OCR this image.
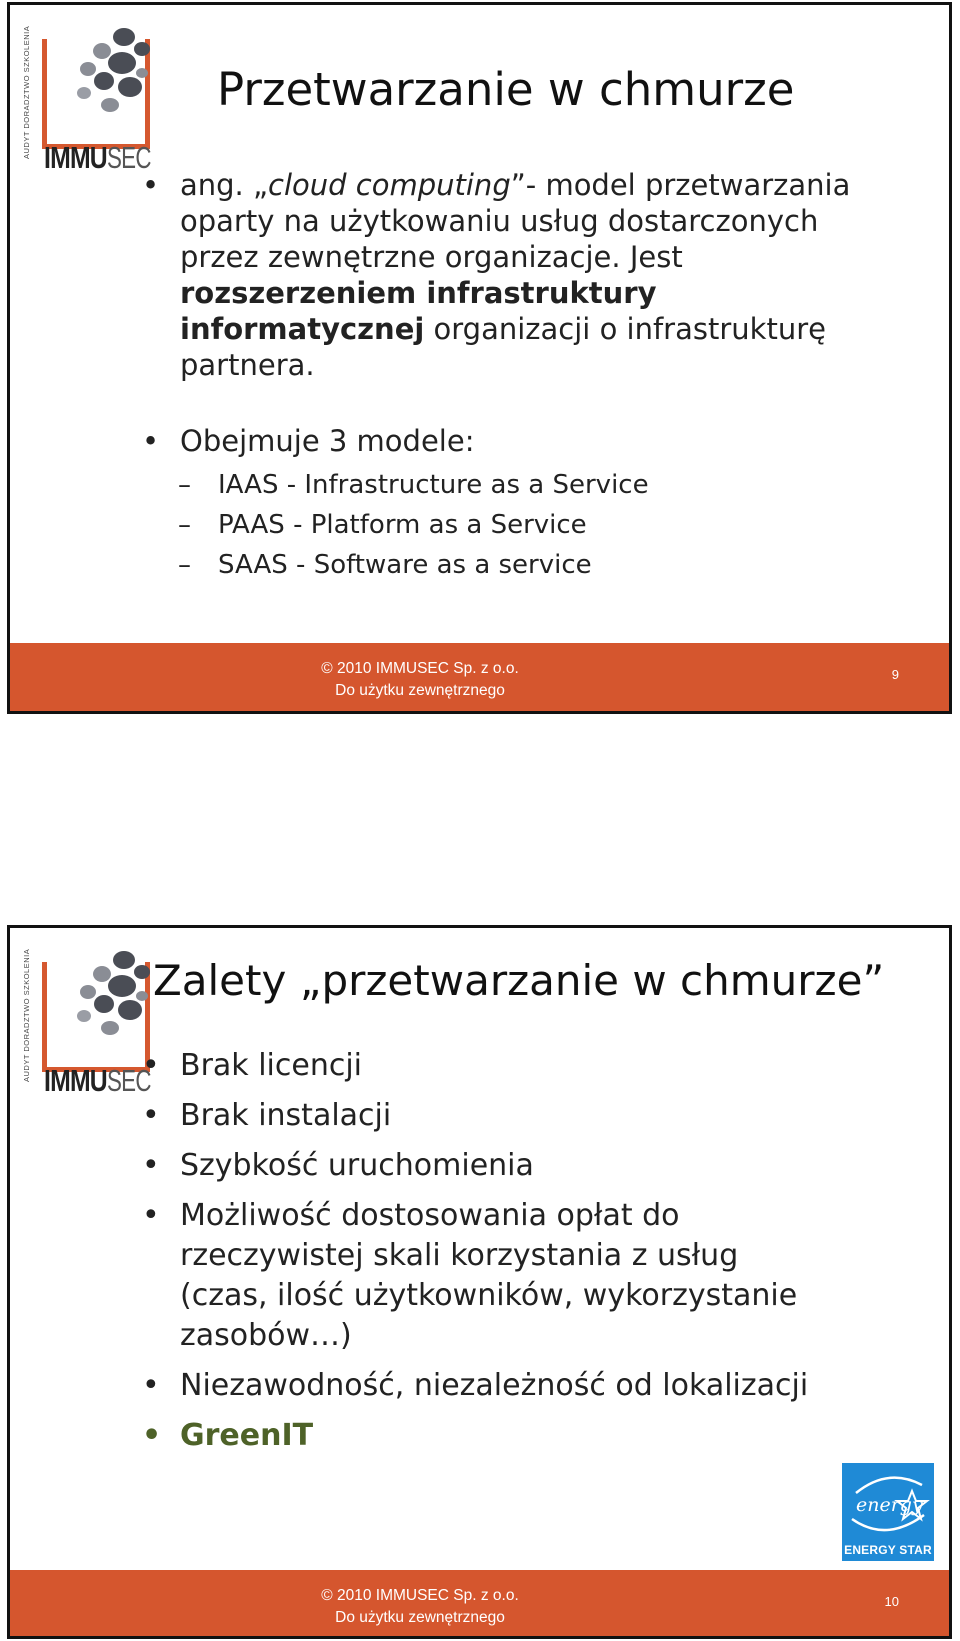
AUDYT DORADZTWO SZKOLENIA IMMU SEC
Przetwarzanie w chmurze
• ang. „cloud computing”- model przetwarzania oparty na użytkowaniu usług dostarczonych przez zewnętrzne organizacje. Jest rozszerzeniem infrastruktury informatycznej organizacji o infrastrukturę partnera.
• Obejmuje 3 modele:
– IAAS - Infrastructure as a Service
– PAAS - Platform as a Service
– SAAS - Software as a service
© 2010 IMMUSEC Sp. z o.o.
Do użytku zewnętrznego
9
AUDYT DORADZTWO SZKOLENIA IMMU SEC
Zalety „przetwarzanie w chmurze”
• Brak licencji
• Brak instalacji
• Szybkość uruchomienia
• Możliwość dostosowania opłat do rzeczywistej skali korzystania z usług (czas, ilość użytkowników, wykorzystanie zasobów…)
• Niezawodność, niezależność od lokalizacji
• GreenIT
energy
ENERGY STAR
© 2010 IMMUSEC Sp. z o.o.
Do użytku zewnętrznego
10
